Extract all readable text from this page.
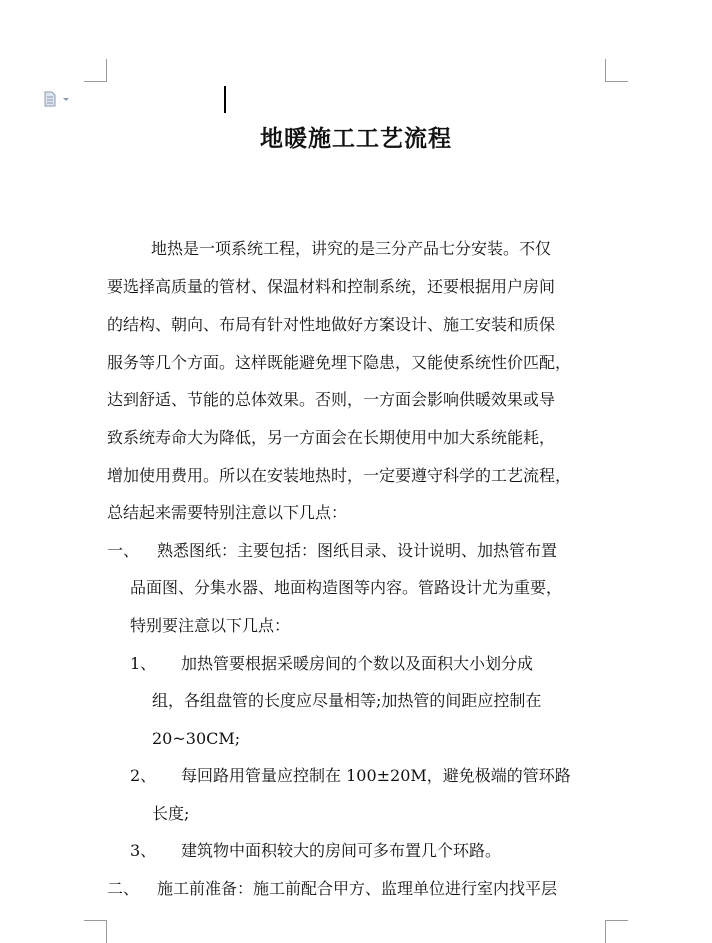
地暖施工工艺流程

地热是一项系统工程，讲究的是三分产品七分安装。不仅

要选择高质量的管材、保温材料和控制系统，还要根据用户房间

的结构、朝向、布局有针对性地做好方案设计、施工安装和质保

服务等几个方面。这样既能避免埋下隐患，又能使系统性价匹配，

达到舒适、节能的总体效果。否则，一方面会影响供暖效果或导

致系统寿命大为降低，另一方面会在长期使用中加大系统能耗，

增加使用费用。所以在安装地热时，一定要遵守科学的工艺流程，

总结起来需要特别注意以下几点：

一、 熟悉图纸：主要包括：图纸目录、设计说明、加热管布置

品面图、分集水器、地面构造图等内容。管路设计尤为重要，

特别要注意以下几点：

1、 加热管要根据采暖房间的个数以及面积大小划分成

组，各组盘管的长度应尽量相等;加热管的间距应控制在

20~30CM;

2、 每回路用管量应控制在 100±20M，避免极端的管环路

长度;

3、 建筑物中面积较大的房间可多布置几个环路。

二、 施工前准备：施工前配合甲方、监理单位进行室内找平层
